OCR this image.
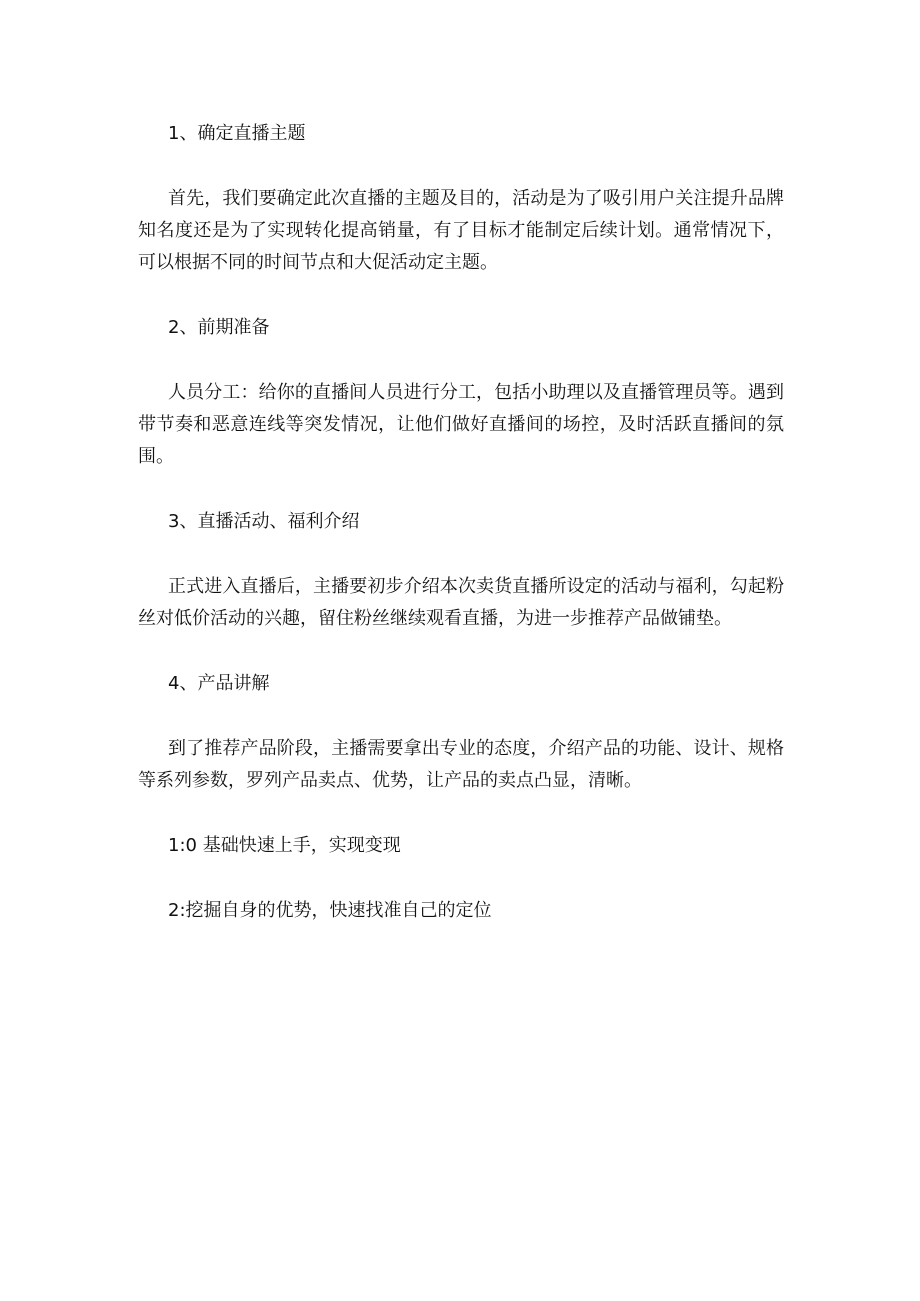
1、确定直播主题
首先，我们要确定此次直播的主题及目的，活动是为了吸引用户关注提升品牌知名度还是为了实现转化提高销量，有了目标才能制定后续计划。通常情况下，可以根据不同的时间节点和大促活动定主题。
2、前期准备
人员分工：给你的直播间人员进行分工，包括小助理以及直播管理员等。遇到带节奏和恶意连线等突发情况，让他们做好直播间的场控，及时活跃直播间的氛围。
3、直播活动、福利介绍
正式进入直播后，主播要初步介绍本次卖货直播所设定的活动与福利，勾起粉丝对低价活动的兴趣，留住粉丝继续观看直播，为进一步推荐产品做铺垫。
4、产品讲解
到了推荐产品阶段，主播需要拿出专业的态度，介绍产品的功能、设计、规格等系列参数，罗列产品卖点、优势，让产品的卖点凸显，清晰。
1:0 基础快速上手，实现变现
2:挖掘自身的优势，快速找准自己的定位
